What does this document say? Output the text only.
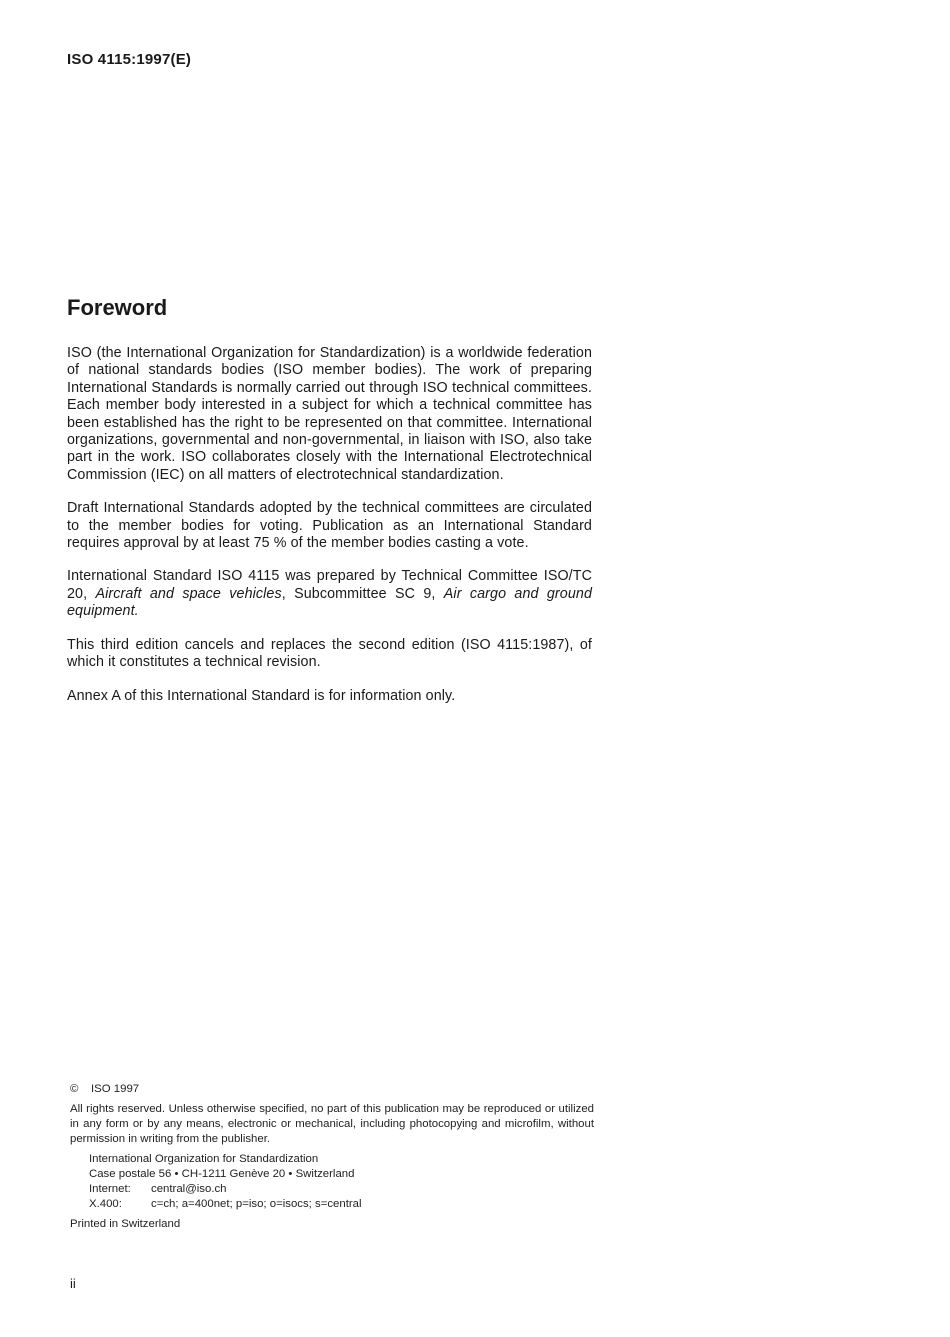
ISO 4115:1997(E)
Foreword

ISO (the International Organization for Standardization) is a worldwide federation of national standards bodies (ISO member bodies). The work of preparing International Standards is normally carried out through ISO technical committees. Each member body interested in a subject for which a technical committee has been established has the right to be represented on that committee. International organizations, governmental and non-governmental, in liaison with ISO, also take part in the work. ISO collaborates closely with the International Electrotechnical Commission (IEC) on all matters of electrotechnical standardization.

Draft International Standards adopted by the technical committees are circulated to the member bodies for voting. Publication as an International Standard requires approval by at least 75 % of the member bodies casting a vote.

International Standard ISO 4115 was prepared by Technical Committee ISO/TC 20, Aircraft and space vehicles, Subcommittee SC 9, Air cargo and ground equipment.

This third edition cancels and replaces the second edition (ISO 4115:1987), of which it constitutes a technical revision.

Annex A of this International Standard is for information only.

© ISO 1997
All rights reserved. Unless otherwise specified, no part of this publication may be reproduced or utilized in any form or by any means, electronic or mechanical, including photocopying and microfilm, without permission in writing from the publisher.
International Organization for Standardization
Case postale 56 • CH-1211 Genève 20 • Switzerland
Internet: central@iso.ch
X.400:	c=ch; a=400net; p=iso; o=isocs; s=central
Printed in Switzerland
ii
